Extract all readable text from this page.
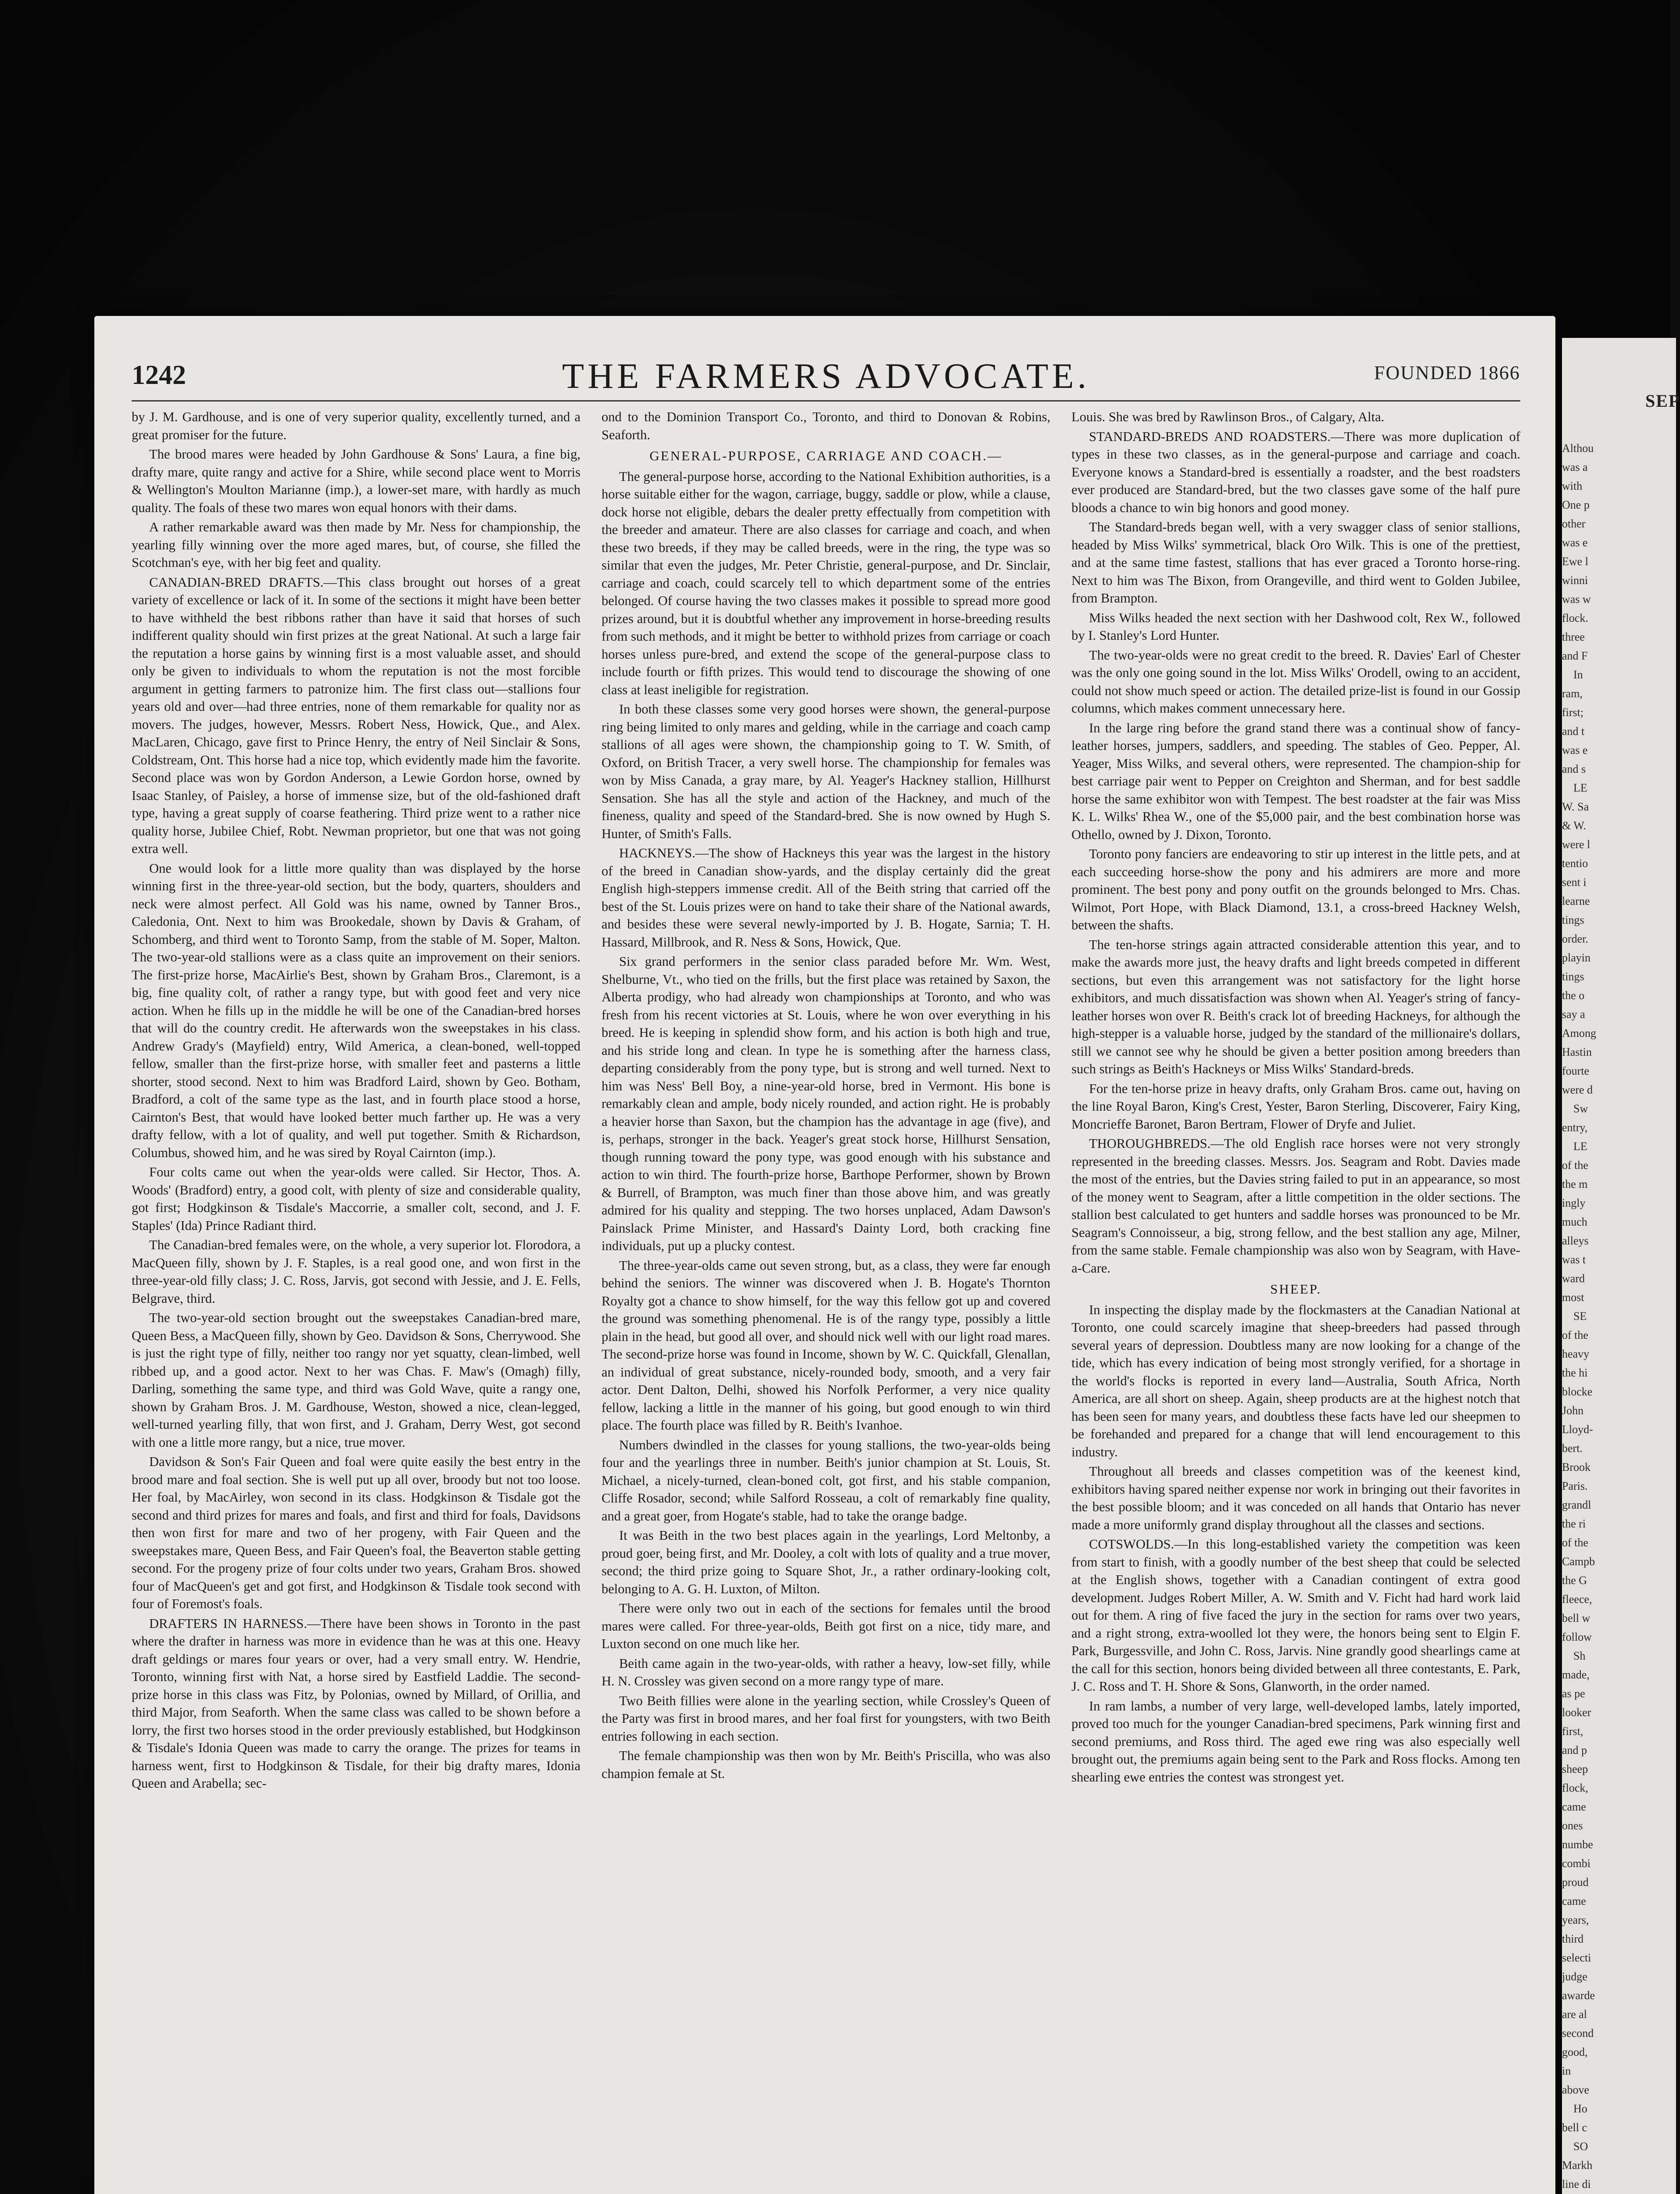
1242	THE FARMERS ADVOCATE.	FOUNDED 1866

by J. M. Gardhouse, and is one of very superior quality, excellently turned, and a great promiser for the future.

The brood mares were headed by John Gardhouse & Sons' Laura, a fine big, drafty mare, quite rangy and active for a Shire, while second place went to Morris & Wellington's Moulton Marianne (imp.), a lower-set mare, with hardly as much quality. The foals of these two mares won equal honors with their dams.

A rather remarkable award was then made by Mr. Ness for championship, the yearling filly winning over the more aged mares, but, of course, she filled the Scotchman's eye, with her big feet and quality.

CANADIAN-BRED DRAFTS.—This class brought out horses of a great variety of excellence or lack of it. In some of the sections it might have been better to have withheld the best ribbons rather than have it said that horses of such indifferent quality should win first prizes at the great National. At such a large fair the reputation a horse gains by winning first is a most valuable asset, and should only be given to individuals to whom the reputation is not the most forcible argument in getting farmers to patronize him. The first class out—stallions four years old and over—had three entries, none of them remarkable for quality nor as movers. The judges, however, Messrs. Robert Ness, Howick, Que., and Alex. MacLaren, Chicago, gave first to Prince Henry, the entry of Neil Sinclair & Sons, Coldstream, Ont. This horse had a nice top, which evidently made him the favorite. Second place was won by Gordon Anderson, a Lewie Gordon horse, owned by Isaac Stanley, of Paisley, a horse of immense size, but of the old-fashioned draft type, having a great supply of coarse feathering. Third prize went to a rather nice quality horse, Jubilee Chief, Robt. Newman proprietor, but one that was not going extra well.

One would look for a little more quality than was displayed by the horse winning first in the three-year-old section, but the body, quarters, shoulders and neck were almost perfect. All Gold was his name, owned by Tanner Bros., Caledonia, Ont. Next to him was Brookedale, shown by Davis & Graham, of Schomberg, and third went to Toronto Samp, from the stable of M. Soper, Malton. The two-year-old stallions were as a class quite an improvement on their seniors. The first-prize horse, MacAirlie's Best, shown by Graham Bros., Claremont, is a big, fine quality colt, of rather a rangy type, but with good feet and very nice action. When he fills up in the middle he will be one of the Canadian-bred horses that will do the country credit. He afterwards won the sweepstakes in his class. Andrew Grady's (Mayfield) entry, Wild America, a clean-boned, well-topped fellow, smaller than the first-prize horse, with smaller feet and pasterns a little shorter, stood second. Next to him was Bradford Laird, shown by Geo. Botham, Bradford, a colt of the same type as the last, and in fourth place stood a horse, Cairnton's Best, that would have looked better much farther up. He was a very drafty fellow, with a lot of quality, and well put together. Smith & Richardson, Columbus, showed him, and he was sired by Royal Cairnton (imp.).

Four colts came out when the year-olds were called. Sir Hector, Thos. A. Woods' (Bradford) entry, a good colt, with plenty of size and considerable quality, got first; Hodgkinson & Tisdale's Maccorrie, a smaller colt, second, and J. F. Staples' (Ida) Prince Radiant third.

The Canadian-bred females were, on the whole, a very superior lot. Florodora, a MacQueen filly, shown by J. F. Staples, is a real good one, and won first in the three-year-old filly class; J. C. Ross, Jarvis, got second with Jessie, and J. E. Fells, Belgrave, third.

The two-year-old section brought out the sweepstakes Canadian-bred mare, Queen Bess, a MacQueen filly, shown by Geo. Davidson & Sons, Cherrywood. She is just the right type of filly, neither too rangy nor yet squatty, clean-limbed, well ribbed up, and a good actor. Next to her was Chas. F. Maw's (Omagh) filly, Darling, something the same type, and third was Gold Wave, quite a rangy one, shown by Graham Bros. J. M. Gardhouse, Weston, showed a nice, clean-legged, well-turned yearling filly, that won first, and J. Graham, Derry West, got second with one a little more rangy, but a nice, true mover.

Davidson & Son's Fair Queen and foal were quite easily the best entry in the brood mare and foal section. She is well put up all over, broody but not too loose. Her foal, by MacAirley, won second in its class. Hodgkinson & Tisdale got the second and third prizes for mares and foals, and first and third for foals, Davidsons then won first for mare and two of her progeny, with Fair Queen and the sweepstakes mare, Queen Bess, and Fair Queen's foal, the Beaverton stable getting second. For the progeny prize of four colts under two years, Graham Bros. showed four of MacQueen's get and got first, and Hodgkinson & Tisdale took second with four of Foremost's foals.

DRAFTERS IN HARNESS.—There have been shows in Toronto in the past where the drafter in harness was more in evidence than he was at this one. Heavy draft geldings or mares four years or over, had a very small entry. W. Hendrie, Toronto, winning first with Nat, a horse sired by Eastfield Laddie. The second-prize horse in this class was Fitz, by Polonias, owned by Millard, of Orillia, and third Major, from Seaforth. When the same class was called to be shown before a lorry, the first two horses stood in the order previously established, but Hodgkinson & Tisdale's Idonia Queen was made to carry the orange. The prizes for teams in harness went, first to Hodgkinson & Tisdale, for their big drafty mares, Idonia Queen and Arabella; sec-

ond to the Dominion Transport Co., Toronto, and third to Donovan & Robins, Seaforth.

GENERAL-PURPOSE, CARRIAGE AND COACH.—

The general-purpose horse, according to the National Exhibition authorities, is a horse suitable either for the wagon, carriage, buggy, saddle or plow, while a clause, dock horse not eligible, debars the dealer pretty effectually from competition with the breeder and amateur. There are also classes for carriage and coach, and when these two breeds, if they may be called breeds, were in the ring, the type was so similar that even the judges, Mr. Peter Christie, general-purpose, and Dr. Sinclair, carriage and coach, could scarcely tell to which department some of the entries belonged. Of course having the two classes makes it possible to spread more good prizes around, but it is doubtful whether any improvement in horse-breeding results from such methods, and it might be better to withhold prizes from carriage or coach horses unless pure-bred, and extend the scope of the general-purpose class to include fourth or fifth prizes. This would tend to discourage the showing of one class at least ineligible for registration.

In both these classes some very good horses were shown, the general-purpose ring being limited to only mares and gelding, while in the carriage and coach camp stallions of all ages were shown, the championship going to T. W. Smith, of Oxford, on British Tracer, a very swell horse. The championship for females was won by Miss Canada, a gray mare, by Al. Yeager's Hackney stallion, Hillhurst Sensation. She has all the style and action of the Hackney, and much of the fineness, quality and speed of the Standard-bred. She is now owned by Hugh S. Hunter, of Smith's Falls.

HACKNEYS.—The show of Hackneys this year was the largest in the history of the breed in Canadian show-yards, and the display certainly did the great English high-steppers immense credit. All of the Beith string that carried off the best of the St. Louis prizes were on hand to take their share of the National awards, and besides these were several newly-imported by J. B. Hogate, Sarnia; T. H. Hassard, Millbrook, and R. Ness & Sons, Howick, Que.

Six grand performers in the senior class paraded before Mr. Wm. West, Shelburne, Vt., who tied on the frills, but the first place was retained by Saxon, the Alberta prodigy, who had already won championships at Toronto, and who was fresh from his recent victories at St. Louis, where he won over everything in his breed. He is keeping in splendid show form, and his action is both high and true, and his stride long and clean. In type he is something after the harness class, departing considerably from the pony type, but is strong and well turned. Next to him was Ness' Bell Boy, a nine-year-old horse, bred in Vermont. His bone is remarkably clean and ample, body nicely rounded, and action right. He is probably a heavier horse than Saxon, but the champion has the advantage in age (five), and is, perhaps, stronger in the back. Yeager's great stock horse, Hillhurst Sensation, though running toward the pony type, was good enough with his substance and action to win third. The fourth-prize horse, Barthope Performer, shown by Brown & Burrell, of Brampton, was much finer than those above him, and was greatly admired for his quality and stepping. The two horses unplaced, Adam Dawson's Painslack Prime Minister, and Hassard's Dainty Lord, both cracking fine individuals, put up a plucky contest.

The three-year-olds came out seven strong, but, as a class, they were far enough behind the seniors. The winner was discovered when J. B. Hogate's Thornton Royalty got a chance to show himself, for the way this fellow got up and covered the ground was something phenomenal. He is of the rangy type, possibly a little plain in the head, but good all over, and should nick well with our light road mares. The second-prize horse was found in Income, shown by W. C. Quickfall, Glenallan, an individual of great substance, nicely-rounded body, smooth, and a very fair actor. Dent Dalton, Delhi, showed his Norfolk Performer, a very nice quality fellow, lacking a little in the manner of his going, but good enough to win third place. The fourth place was filled by R. Beith's Ivanhoe.

Numbers dwindled in the classes for young stallions, the two-year-olds being four and the yearlings three in number. Beith's junior champion at St. Louis, St. Michael, a nicely-turned, clean-boned colt, got first, and his stable companion, Cliffe Rosador, second; while Salford Rosseau, a colt of remarkably fine quality, and a great goer, from Hogate's stable, had to take the orange badge.

It was Beith in the two best places again in the yearlings, Lord Meltonby, a proud goer, being first, and Mr. Dooley, a colt with lots of quality and a true mover, second; the third prize going to Square Shot, Jr., a rather ordinary-looking colt, belonging to A. G. H. Luxton, of Milton.

There were only two out in each of the sections for females until the brood mares were called. For three-year-olds, Beith got first on a nice, tidy mare, and Luxton second on one much like her.

Beith came again in the two-year-olds, with rather a heavy, low-set filly, while H. N. Crossley was given second on a more rangy type of mare.

Two Beith fillies were alone in the yearling section, while Crossley's Queen of the Party was first in brood mares, and her foal first for youngsters, with two Beith entries following in each section.

The female championship was then won by Mr. Beith's Priscilla, who was also champion female at St.

Louis. She was bred by Rawlinson Bros., of Calgary, Alta.

STANDARD-BREDS AND ROADSTERS.—There was more duplication of types in these two classes, as in the general-purpose and carriage and coach. Everyone knows a Standard-bred is essentially a roadster, and the best roadsters ever produced are Standard-bred, but the two classes gave some of the half pure bloods a chance to win big honors and good money.

The Standard-breds began well, with a very swagger class of senior stallions, headed by Miss Wilks' symmetrical, black Oro Wilk. This is one of the prettiest, and at the same time fastest, stallions that has ever graced a Toronto horse-ring. Next to him was The Bixon, from Orangeville, and third went to Golden Jubilee, from Brampton.

Miss Wilks headed the next section with her Dashwood colt, Rex W., followed by I. Stanley's Lord Hunter.

The two-year-olds were no great credit to the breed. R. Davies' Earl of Chester was the only one going sound in the lot. Miss Wilks' Orodell, owing to an accident, could not show much speed or action. The detailed prize-list is found in our Gossip columns, which makes comment unnecessary here.

In the large ring before the grand stand there was a continual show of fancy-leather horses, jumpers, saddlers, and speeding. The stables of Geo. Pepper, Al. Yeager, Miss Wilks, and several others, were represented. The champion-ship for best carriage pair went to Pepper on Creighton and Sherman, and for best saddle horse the same exhibitor won with Tempest. The best roadster at the fair was Miss K. L. Wilks' Rhea W., one of the $5,000 pair, and the best combination horse was Othello, owned by J. Dixon, Toronto.

Toronto pony fanciers are endeavoring to stir up interest in the little pets, and at each succeeding horse-show the pony and his admirers are more and more prominent. The best pony and pony outfit on the grounds belonged to Mrs. Chas. Wilmot, Port Hope, with Black Diamond, 13.1, a cross-breed Hackney Welsh, between the shafts.

The ten-horse strings again attracted considerable attention this year, and to make the awards more just, the heavy drafts and light breeds competed in different sections, but even this arrangement was not satisfactory for the light horse exhibitors, and much dissatisfaction was shown when Al. Yeager's string of fancy-leather horses won over R. Beith's crack lot of breeding Hackneys, for although the high-stepper is a valuable horse, judged by the standard of the millionaire's dollars, still we cannot see why he should be given a better position among breeders than such strings as Beith's Hackneys or Miss Wilks' Standard-breds.

For the ten-horse prize in heavy drafts, only Graham Bros. came out, having on the line Royal Baron, King's Crest, Yester, Baron Sterling, Discoverer, Fairy King, Moncrieffe Baronet, Baron Bertram, Flower of Dryfe and Juliet.

THOROUGHBREDS.—The old English race horses were not very strongly represented in the breeding classes. Messrs. Jos. Seagram and Robt. Davies made the most of the entries, but the Davies string failed to put in an appearance, so most of the money went to Seagram, after a little competition in the older sections. The stallion best calculated to get hunters and saddle horses was pronounced to be Mr. Seagram's Connoisseur, a big, strong fellow, and the best stallion any age, Milner, from the same stable. Female championship was also won by Seagram, with Have-a-Care.

SHEEP.

In inspecting the display made by the flockmasters at the Canadian National at Toronto, one could scarcely imagine that sheep-breeders had passed through several years of depression. Doubtless many are now looking for a change of the tide, which has every indication of being most strongly verified, for a shortage in the world's flocks is reported in every land—Australia, South Africa, North America, are all short on sheep. Again, sheep products are at the highest notch that has been seen for many years, and doubtless these facts have led our sheepmen to be forehanded and prepared for a change that will lend encouragement to this industry.

Throughout all breeds and classes competition was of the keenest kind, exhibitors having spared neither expense nor work in bringing out their favorites in the best possible bloom; and it was conceded on all hands that Ontario has never made a more uniformly grand display throughout all the classes and sections.

COTSWOLDS.—In this long-established variety the competition was keen from start to finish, with a goodly number of the best sheep that could be selected at the English shows, together with a Canadian contingent of extra good development. Judges Robert Miller, A. W. Smith and V. Ficht had hard work laid out for them. A ring of five faced the jury in the section for rams over two years, and a right strong, extra-woolled lot they were, the honors being sent to Elgin F. Park, Burgessville, and John C. Ross, Jarvis. Nine grandly good shearlings came at the call for this section, honors being divided between all three contestants, E. Park, J. C. Ross and T. H. Shore & Sons, Glanworth, in the order named.

In ram lambs, a number of very large, well-developed lambs, lately imported, proved too much for the younger Canadian-bred specimens, Park winning first and second premiums, and Ross third. The aged ewe ring was also especially well brought out, the premiums again being sent to the Park and Ross flocks. Among ten shearling ewe entries the contest was strongest yet.

SEP
Althou
was a
with
One p
other
was e
Ewe l
winni
was w
flock.
three
and F
In
ram,
first;
and t
was e
and s
LE
W. Sa
& W.
were l
tentio
sent i
learne
tings
order.
playin
tings
the o
say a
Among
Hastin
fourte
were d
Sw
entry,
LE
of the
the m
ingly
much
alleys
was t
ward
most
SE
of the
heavy
the hi
blocke
John
Lloyd-
bert.
Brook
Paris.
grandl
the ri
of the
Campb
the G
fleece,
bell w
follow
Sh
made,
as pe
looker
first,
and p
sheep
flock,
came
ones
numbe
combi
proud
came
years,
third
selecti
judge
awarde
are al
second
good,
in
above
Ho
bell c
SO
Markh
line di
